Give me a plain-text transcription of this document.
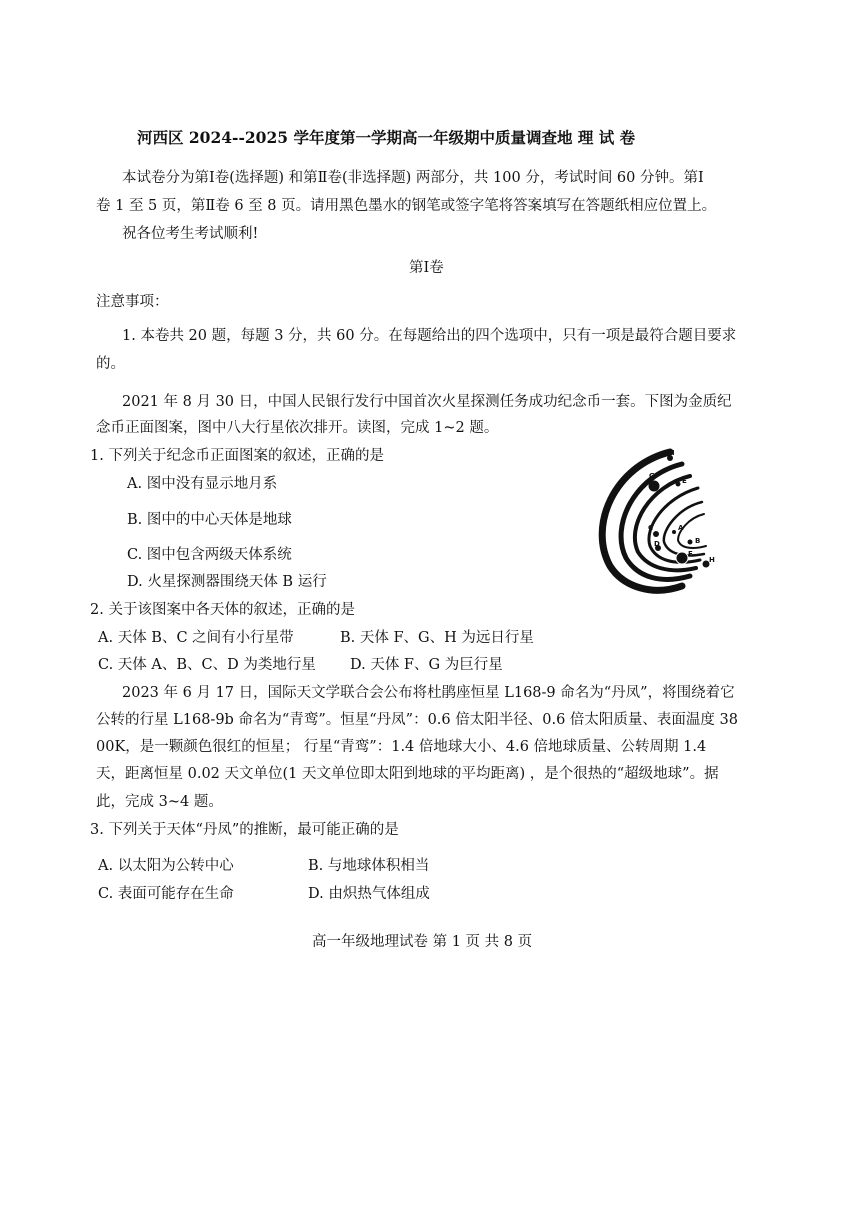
河西区 2024--2025 学年度第一学期高一年级期中质量调查地 理 试 卷
本试卷分为第Ⅰ卷(选择题) 和第Ⅱ卷(非选择题) 两部分，共 100 分，考试时间 60 分钟。第Ⅰ
卷 1 至 5 页，第Ⅱ卷 6 至 8 页。请用黑色墨水的钢笔或签字笔将答案填写在答题纸相应位置上。
祝各位考生考试顺利!
第Ⅰ卷
注意事项：
1. 本卷共 20 题，每题 3 分，共 60 分。在每题给出的四个选项中，只有一项是最符合题目要求
的。
2021 年 8 月 30 日，中国人民银行发行中国首次火星探测任务成功纪念币一套。下图为金质纪
念币正面图案，图中八大行星依次排开。读图，完成 1~2 题。
1. 下列关于纪念币正面图案的叙述，正确的是
A. 图中没有显示地月系
B. 图中的中心天体是地球
C. 图中包含两级天体系统
D. 火星探测器围绕天体 B 运行
2. 关于该图案中各天体的叙述，正确的是
A. 天体 B、C 之间有小行星带	B. 天体 F、G、H 为远日行星
C. 天体 A、B、C、D 为类地行星 D. 天体 F、G 为巨行星
2023 年 6 月 17 日，国际天文学联合会公布将杜鹃座恒星 L168-9 命名为“丹凤”，将围绕着它
公转的行星 L168-9b 命名为“青鸾”。恒星“丹凤”：0.6 倍太阳半径、0.6 倍太阳质量、表面温度 38
00K，是一颗颜色很红的恒星； 行星“青鸾”：1.4 倍地球大小、4.6 倍地球质量、公转周期 1.4
天，距离恒星 0.02 天文单位(1 天文单位即太阳到地球的平均距离) ，是个很热的“超级地球”。据
此，完成 3~4 题。
3. 下列关于天体“丹凤”的推断，最可能正确的是
A. 以太阳为公转中心	B. 与地球体积相当
C. 表面可能存在生命	D. 由炽热气体组成
高一年级地理试卷 第 1 页 共 8 页
I
G
E
A
B
C
D
F
H
